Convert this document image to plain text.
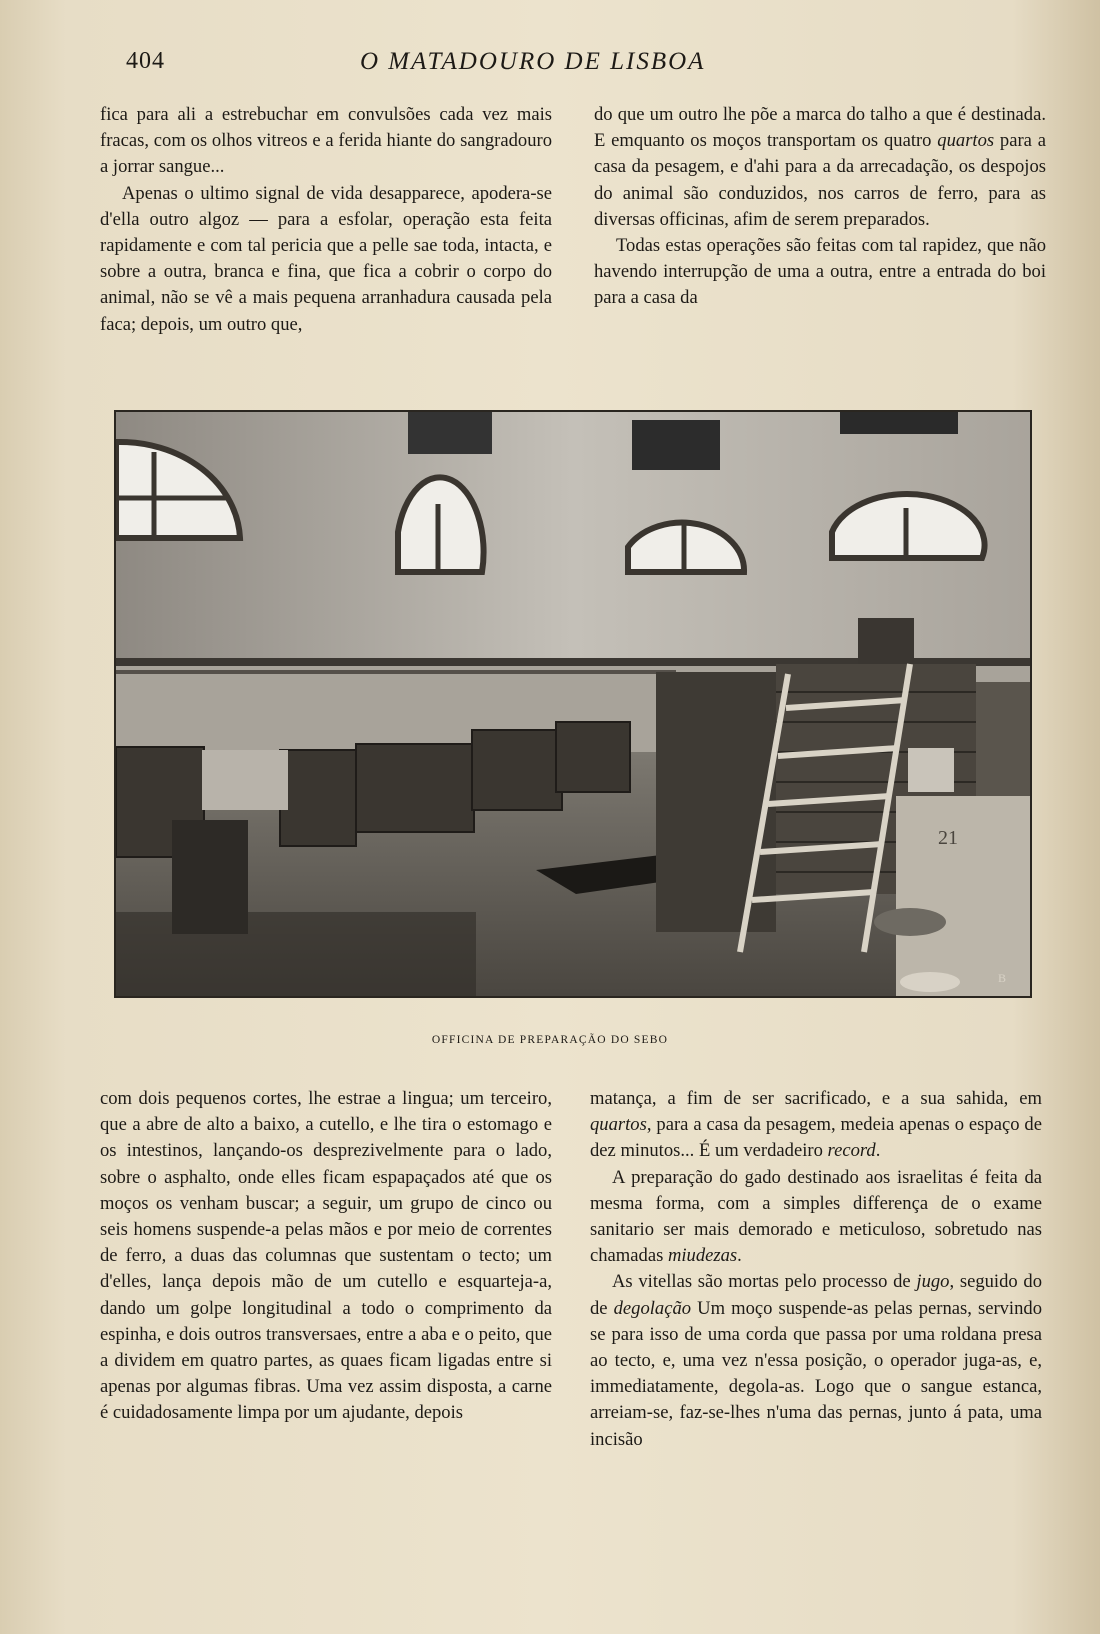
404	O MATADOURO DE LISBOA

fica para ali a estrebuchar em convulsões cada vez mais fracas, com os olhos vitreos e a ferida hiante do sangradouro a jorrar sangue...

Apenas o ultimo signal de vida desapparece, apodera-se d'ella outro algoz — para a esfolar, operação esta feita rapidamente e com tal pericia que a pelle sae toda, intacta, e sobre a outra, branca e fina, que fica a cobrir o corpo do animal, não se vê a mais pequena arranhadura causada pela faca; depois, um outro que,

do que um outro lhe põe a marca do talho a que é destinada. E emquanto os moços transportam os quatro quartos para a casa da pesagem, e d'ahi para a da arrecadação, os despojos do animal são conduzidos, nos carros de ferro, para as diversas officinas, afim de serem preparados.

Todas estas operações são feitas com tal rapidez, que não havendo interrupção de uma a outra, entre a entrada do boi para a casa da

21
B
OFFICINA DE PREPARAÇÃO DO SEBO

com dois pequenos cortes, lhe estrae a lingua; um terceiro, que a abre de alto a baixo, a cutello, e lhe tira o estomago e os intestinos, lançando-os desprezivelmente para o lado, sobre o asphalto, onde elles ficam espapaçados até que os moços os venham buscar; a seguir, um grupo de cinco ou seis homens suspende-a pelas mãos e por meio de correntes de ferro, a duas das columnas que sustentam o tecto; um d'elles, lança depois mão de um cutello e esquarteja-a, dando um golpe longitudinal a todo o comprimento da espinha, e dois outros transversaes, entre a aba e o peito, que a dividem em quatro partes, as quaes ficam ligadas entre si apenas por algumas fibras. Uma vez assim disposta, a carne é cuidadosamente limpa por um ajudante, depois

matança, a fim de ser sacrificado, e a sua sahida, em quartos, para a casa da pesagem, medeia apenas o espaço de dez minutos... É um verdadeiro record.

A preparação do gado destinado aos israelitas é feita da mesma forma, com a simples differença de o exame sanitario ser mais demorado e meticuloso, sobretudo nas chamadas miudezas.

As vitellas são mortas pelo processo de jugo, seguido do de degolação Um moço suspende-as pelas pernas, servindo se para isso de uma corda que passa por uma roldana presa ao tecto, e, uma vez n'essa posição, o operador juga-as, e, immediatamente, degola-as. Logo que o sangue estanca, arreiam-se, faz-se-lhes n'uma das pernas, junto á pata, uma incisão
